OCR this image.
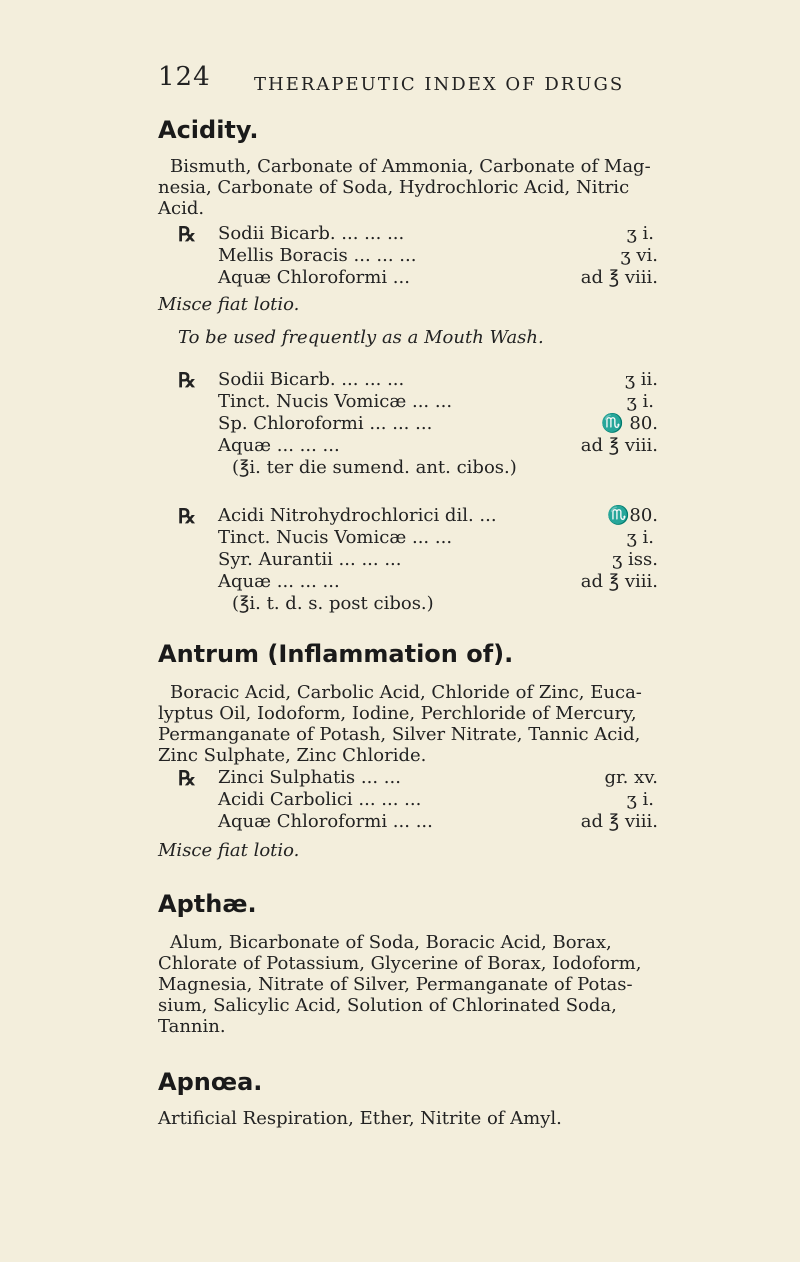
124 THERAPEUTIC INDEX OF DRUGS
Acidity.
Bismuth, Carbonate of Ammonia, Carbonate of Mag-
nesia, Carbonate of Soda, Hydrochloric Acid, Nitric
Acid.
℞ Sodii Bicarb. ... ... ...	ʒ i.
Mellis Boracis ... ... ...	ʒ vi.
Aquæ Chloroformi ...	ad ℥ viii.
Misce fiat lotio.
To be used frequently as a Mouth Wash.
℞ Sodii Bicarb. ... ... ...	ʒ ii.
Tinct. Nucis Vomicæ ... ...	ʒ i.
Sp. Chloroformi ... ... ...	♏ 80.
Aquæ ... ... ...	ad ℥ viii.
(℥i. ter die sumend. ant. cibos.)
℞ Acidi Nitrohydrochlorici dil. ...	♏80.
Tinct. Nucis Vomicæ ... ...	ʒ i.
Syr. Aurantii ... ... ...	ʒ iss.
Aquæ ... ... ...	ad ℥ viii.
(℥i. t. d. s. post cibos.)
Antrum (Inflammation of).
Boracic Acid, Carbolic Acid, Chloride of Zinc, Euca-
lyptus Oil, Iodoform, Iodine, Perchloride of Mercury,
Permanganate of Potash, Silver Nitrate, Tannic Acid,
Zinc Sulphate, Zinc Chloride.
℞ Zinci Sulphatis ... ...	gr. xv.
Acidi Carbolici ... ... ...	ʒ i.
Aquæ Chloroformi ... ...	ad ℥ viii.
Misce fiat lotio.
Apthæ.
Alum, Bicarbonate of Soda, Boracic Acid, Borax,
Chlorate of Potassium, Glycerine of Borax, Iodoform,
Magnesia, Nitrate of Silver, Permanganate of Potas-
sium, Salicylic Acid, Solution of Chlorinated Soda,
Tannin.
Apnœa.
Artificial Respiration, Ether, Nitrite of Amyl.
